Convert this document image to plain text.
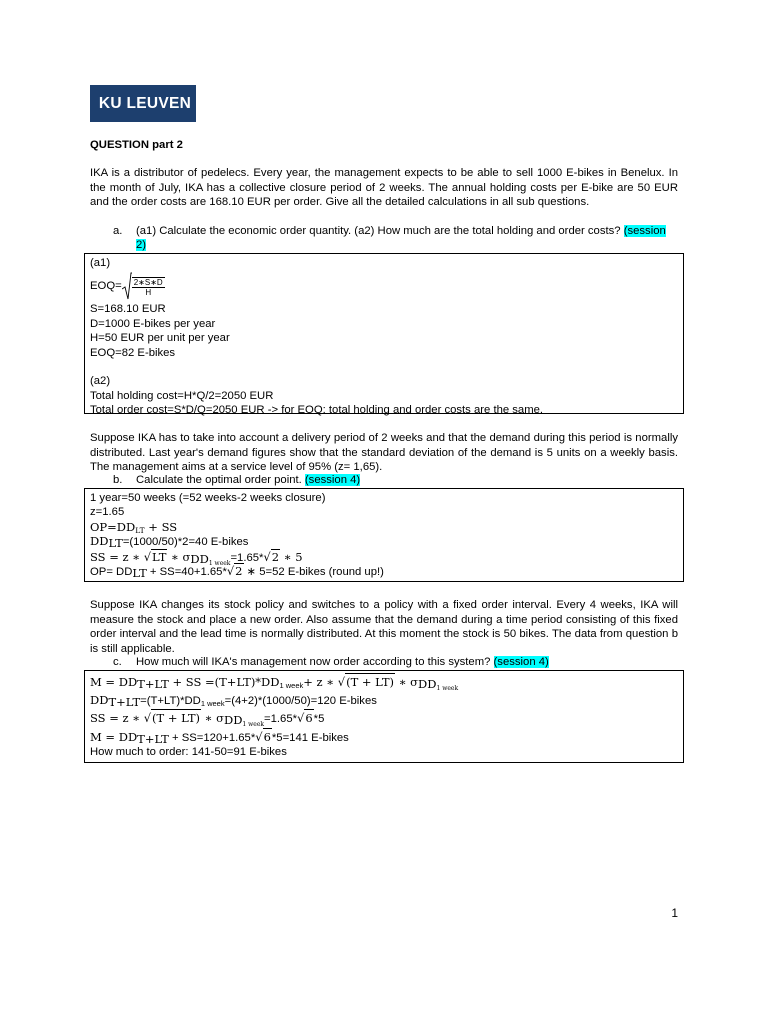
KU LEUVEN
QUESTION part 2
IKA is a distributor of pedelecs. Every year, the management expects to be able to sell 1000 E-bikes in Benelux. In the month of July, IKA has a collective closure period of 2 weeks. The annual holding costs per E-bike are 50 EUR and the order costs are 168.10 EUR per order. Give all the detailed calculations in all sub questions.
a. (a1) Calculate the economic order quantity. (a2) How much are the total holding and order costs? (session
2)
(a1)
$EOQ= \frac{2∗S∗D}{H}$
S=168.10 EUR
D=1000 E-bikes per year
H=50 EUR per unit per year
EOQ=82 E-bikes
(a2)
Total holding cost=H*Q/2=2050 EUR
Total order cost=S*D/Q=2050 EUR -> for EOQ: total holding and order costs are the same.
Suppose IKA has to take into account a delivery period of 2 weeks and that the demand during this period is normally distributed. Last year's demand figures show that the standard deviation of the demand is 5 units on a weekly basis. The management aims at a service level of 95% (z= 1,65).
b. Calculate the optimal order point. (session 4)
1 year=50 weeks (=52 weeks-2 weeks closure)
z=1.65
$OP=DD_{LT}$ + SS
$DD_{LT}=(1000/50)*2=40$ E-bikes
SS = z ∗ √LT ∗ $\sigma_{DD_{1 week}}=1.65*√2$ ∗ 5
$OP= DD_{LT} + SS=40+1.65*√2$ ∗ 5=52 E-bikes (round up!)
Suppose IKA changes its stock policy and switches to a policy with a fixed order interval. Every 4 weeks, IKA will measure the stock and place a new order. Also assume that the demand during a time period consisting of this fixed order interval and the lead time is normally distributed. At this moment the stock is 50 bikes. The data from question b is still applicable.
c. How much will IKA's management now order according to this system? (session 4)
$M = DD_{T+LT}$ + SS $=(T+LT)*DD_{1 week}+ z$ ∗ √(T + LT) ∗ $\sigma_{DD_{1 week}}$
$DD_{T+LT}=(T+LT)*DD_{1 week}=(4+2)*(1000/50)=120$ E-bikes
SS = z ∗ √(T + LT) ∗ $\sigma_{DD_{1 week}}=1.65*√6*5$
$M = DD_{T+LT} + SS=120+1.65*√6*5=141$ E-bikes
How much to order: 141-50=91 E-bikes
1
